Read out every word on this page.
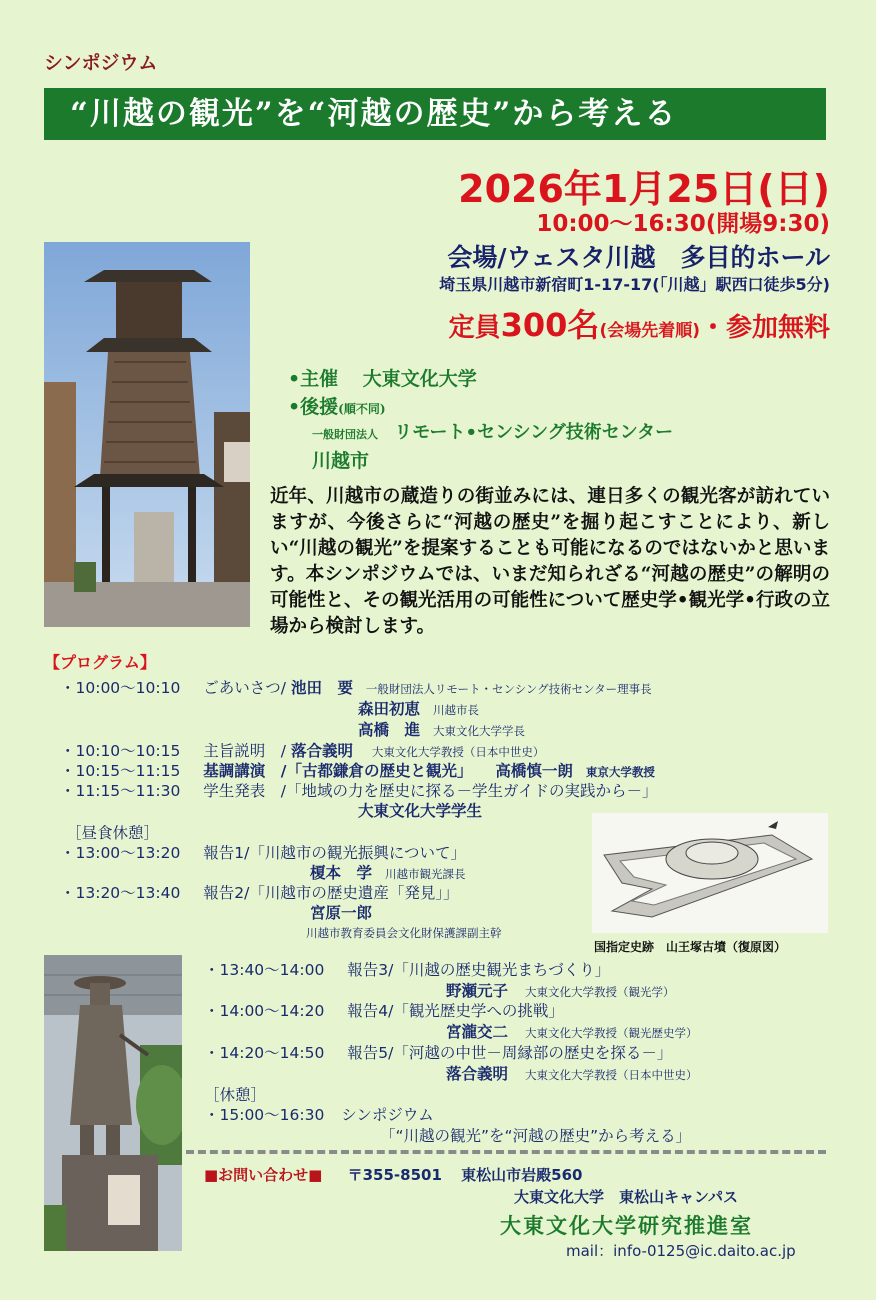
シンポジウム
“川越の観光”を“河越の歴史”から考える
2026年1月25日(日)
10:00〜16:30(開場9:30)
会場/ウェスタ川越　多目的ホール
埼玉県川越市新宿町1-17-17(「川越」駅西口徒歩5分)
定員300名(会場先着順)・参加無料
•主催 大東文化大学
•後援(順不同)
一般財団法人 リモート•センシング技術センター
川越市
近年、川越市の蔵造りの街並みには、連日多くの観光客が訪れていますが、今後さらに“河越の歴史”を掘り起こすことにより、新しい“川越の観光”を提案することも可能になるのではないかと思います。本シンポジウムでは、いまだ知られざる“河越の歴史”の解明の可能性と、その観光活用の可能性について歴史学•観光学•行政の立場から検討します。
【プログラム】
・10:00〜10:10 ごあいさつ/ 池田　要 一般財団法人リモート・センシング技術センター理事長
森田初恵 川越市長
高橋　進 大東文化大学学長
・10:10〜10:15 主旨説明　/ 落合義明 大東文化大学教授（日本中世史）
・10:15〜11:15 基調講演　/「古都鎌倉の歴史と観光」 高橋慎一朗 東京大学教授
・11:15〜11:30 学生発表　/「地域の力を歴史に探る－学生ガイドの実践から－」
大東文化大学学生
［昼食休憩］
・13:00〜13:20 報告1/「川越市の観光振興について」
榎本　学 川越市観光課長
・13:20〜13:40 報告2/「川越市の歴史遺産「発見」」
宮原一郎
川越市教育委員会文化財保護課副主幹
国指定史跡　山王塚古墳（復原図）
・13:40〜14:00 報告3/「川越の歴史観光まちづくり」
野瀬元子 大東文化大学教授（観光学）
・14:00〜14:20 報告4/「観光歴史学への挑戦」
宮瀧交二 大東文化大学教授（観光歴史学）
・14:20〜14:50 報告5/「河越の中世－周縁部の歴史を探る－」
落合義明 大東文化大学教授（日本中世史）
［休憩］
・15:00〜16:30 シンポジウム
「“川越の観光”を“河越の歴史”から考える」
■お問い合わせ■ 〒355-8501 東松山市岩殿560
大東文化大学　東松山キャンパス
大東文化大学研究推進室
mail：info-0125@ic.daito.ac.jp
